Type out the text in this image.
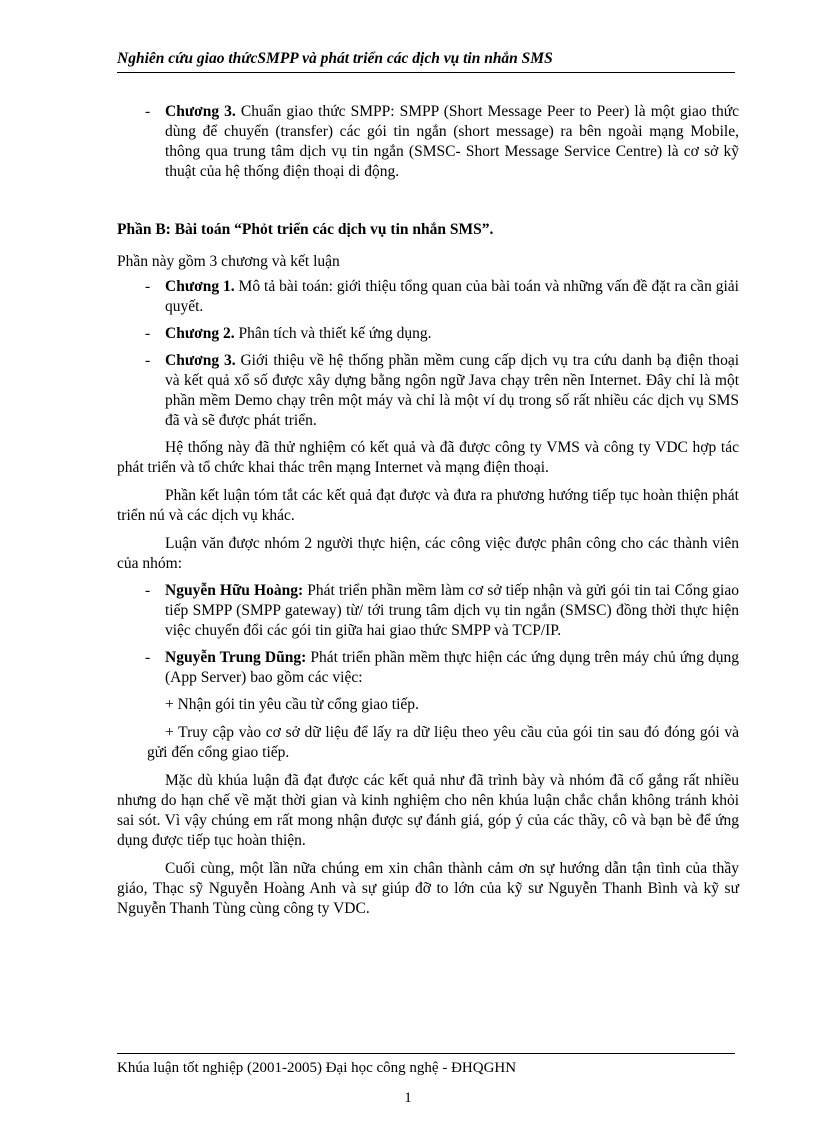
Nghiên cứu giao thứcSMPP và phát triển các dịch vụ tin nhắn SMS
- Chương 3. Chuẩn giao thức SMPP: SMPP (Short Message Peer to Peer) là một giao thức dùng để chuyển (transfer) các gói tin ngắn (short message) ra bên ngoài mạng Mobile, thông qua trung tâm dịch vụ tin ngắn (SMSC- Short Message Service Centre) là cơ sở kỹ thuật của hệ thống điện thoại di động.

Phần B: Bài toán “Phỏt triển các dịch vụ tin nhắn SMS”.

Phần này gồm 3 chương và kết luận

- Chương 1. Mô tả bài toán: giới thiệu tổng quan của bài toán và những vấn đề đặt ra cần giải quyết.
- Chương 2. Phân tích và thiết kế ứng dụng.
- Chương 3. Giới thiệu về hệ thống phần mềm cung cấp dịch vụ tra cứu danh bạ điện thoại và kết quả xổ số được xây dựng bằng ngôn ngữ Java chạy trên nền Internet. Đây chỉ là một phần mềm Demo chạy trên một máy và chỉ là một ví dụ trong số rất nhiều các dịch vụ SMS đã và sẽ được phát triển.

Hệ thống này đã thử nghiệm có kết quả và đã được công ty VMS và công ty VDC hợp tác phát triển và tổ chức khai thác trên mạng Internet và mạng điện thoại.

Phần kết luận tóm tắt các kết quả đạt được và đưa ra phương hướng tiếp tục hoàn thiện phát triển nú và các dịch vụ khác.

Luận văn được nhóm 2 người thực hiện, các công việc được phân công cho các thành viên của nhóm:

- Nguyễn Hữu Hoàng: Phát triển phần mềm làm cơ sở tiếp nhận và gửi gói tin tai Cổng giao tiếp SMPP (SMPP gateway) từ/ tới trung tâm dịch vụ tin ngắn (SMSC) đồng thời thực hiện việc chuyển đổi các gói tin giữa hai giao thức SMPP và TCP/IP.
- Nguyễn Trung Dũng: Phát triển phần mềm thực hiện các ứng dụng trên máy chủ ứng dụng (App Server) bao gồm các việc:

+ Nhận gói tin yêu cầu từ cổng giao tiếp.

+ Truy cập vào cơ sở dữ liệu để lấy ra dữ liệu theo yêu cầu của gói tin sau đó đóng gói và gửi đến cổng giao tiếp.

Mặc dù khúa luận đã đạt được các kết quả như đã trình bày và nhóm đã cố gắng rất nhiều nhưng do hạn chế về mặt thời gian và kinh nghiệm cho nên khúa luận chắc chắn không tránh khỏi sai sót. Vì vậy chúng em rất mong nhận được sự đánh giá, góp ý của các thầy, cô và bạn bè để ứng dụng được tiếp tục hoàn thiện.

Cuối cùng, một lần nữa chúng em xin chân thành cảm ơn sự hướng dẫn tận tình của thầy giáo, Thạc sỹ Nguyễn Hoàng Anh và sự giúp đỡ to lớn của kỹ sư Nguyễn Thanh Bình và kỹ sư Nguyễn Thanh Tùng cùng công ty VDC.

Khúa luận tốt nghiệp (2001-2005) Đại học công nghệ - ĐHQGHN
1
